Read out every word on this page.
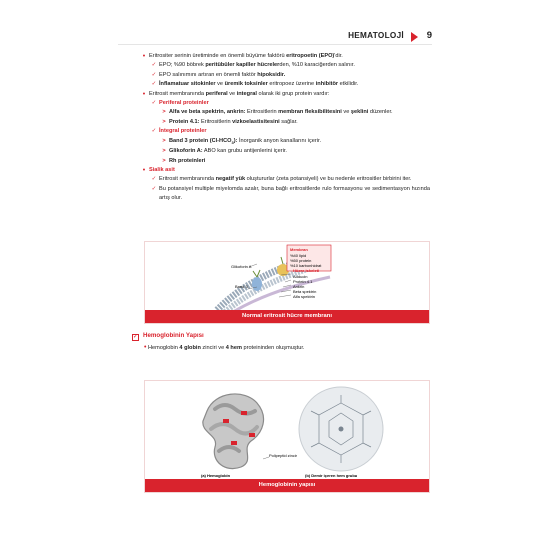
HEMATOLOJİ 9
• Eritrositer serinin üretiminde en önemli büyüme faktörü eritropoetin (EPO)'dir.
✓ EPO; %90 böbrek peritübüler kapiller hücrelerden, %10 karaciğerden salınır.
✓ EPO salınımını artıran en önemli faktör hipoksidir.
✓ İnflamatuar sitokinler ve üremik toksinler eritropoez üzerine inhibitör etkilidir.
• Eritrosit membranında periferal ve integral olarak iki grup protein vardır:
✓ Periferal proteinler
> Alfa ve beta spektrin, ankrin: Eritrositlerin membran fleksibilitesini ve şeklini düzenler.
> Protein 4.1: Eritrositlerin vizkoelastisitesini sağlar.
✓ İntegral proteinler
> Band 3 protein $(Cl-HCO_3)$: İnorganik anyon kanallarını içerir.
> Glikoforin A: ABO kan grubu antijenlerini içerir.
> Rh proteinleri
• Sialik asit
✓ Eritrosit membranında negatif yük oluştururlar (zeta potansiyeli) ve bu nedenle eritrositler birbirini iter.
✓ Bu potansiyel multiple miyelomda azalır, buna bağlı eritrositlerde rulo formasyonu ve sedimentasyon hızında artış olur.
Membran
%40 lipid
%50 protein
%10 karbonhidrat
Glikoforin A
Band 3
Hücre iskeleti
Adducin
Protein 4.1
Ankrin
Beta spektrin
Alfa spektrin
Normal eritrosit hücre membranı
✓ Hemoglobinin Yapısı
• Hemoglobin 4 globin zinciri ve 4 hem proteininden oluşmuştur.
Polipeptid zincir
(a) Hemoglobin	(b) Demir içeren hem grubu
Hemoglobinin yapısı
